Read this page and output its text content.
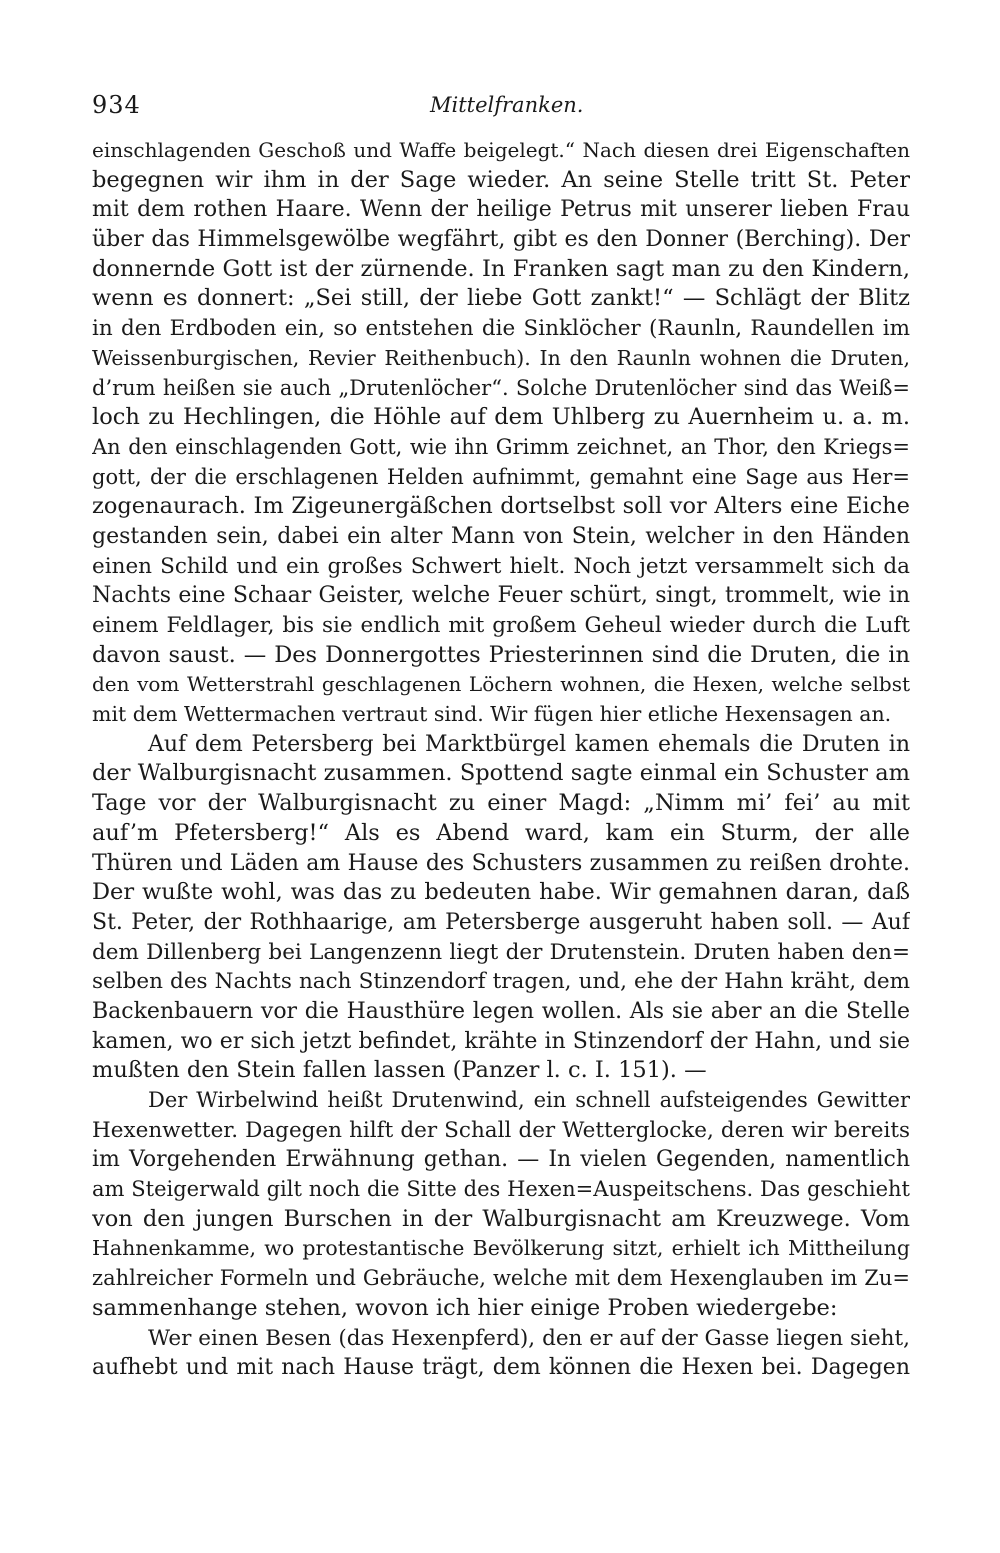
934	Mittelfranken.
einschlagenden Geschoß und Waffe beigelegt.“ Nach diesen drei Eigenschaften
begegnen wir ihm in der Sage wieder. An seine Stelle tritt St. Peter
mit dem rothen Haare. Wenn der heilige Petrus mit unserer lieben Frau
über das Himmelsgewölbe wegfährt, gibt es den Donner (Berching). Der
donnernde Gott ist der zürnende. In Franken sagt man zu den Kindern,
wenn es donnert: „Sei still, der liebe Gott zankt!“ — Schlägt der Blitz
in den Erdboden ein, so entstehen die Sinklöcher (Raunln, Raundellen im
Weissenburgischen, Revier Reithenbuch). In den Raunln wohnen die Druten,
d’rum heißen sie auch „Drutenlöcher“. Solche Drutenlöcher sind das Weiß=
loch zu Hechlingen, die Höhle auf dem Uhlberg zu Auernheim u. a. m.
An den einschlagenden Gott, wie ihn Grimm zeichnet, an Thor, den Kriegs=
gott, der die erschlagenen Helden aufnimmt, gemahnt eine Sage aus Her=
zogenaurach. Im Zigeunergäßchen dortselbst soll vor Alters eine Eiche
gestanden sein, dabei ein alter Mann von Stein, welcher in den Händen
einen Schild und ein großes Schwert hielt. Noch jetzt versammelt sich da
Nachts eine Schaar Geister, welche Feuer schürt, singt, trommelt, wie in
einem Feldlager, bis sie endlich mit großem Geheul wieder durch die Luft
davon saust. — Des Donnergottes Priesterinnen sind die Druten, die in
den vom Wetterstrahl geschlagenen Löchern wohnen, die Hexen, welche selbst
mit dem Wettermachen vertraut sind. Wir fügen hier etliche Hexensagen an.
Auf dem Petersberg bei Marktbürgel kamen ehemals die Druten in
der Walburgisnacht zusammen. Spottend sagte einmal ein Schuster am
Tage vor der Walburgisnacht zu einer Magd: „Nimm mi’ fei’ au mit
auf’m Pfetersberg!“ Als es Abend ward, kam ein Sturm, der alle
Thüren und Läden am Hause des Schusters zusammen zu reißen drohte.
Der wußte wohl, was das zu bedeuten habe. Wir gemahnen daran, daß
St. Peter, der Rothhaarige, am Petersberge ausgeruht haben soll. — Auf
dem Dillenberg bei Langenzenn liegt der Drutenstein. Druten haben den=
selben des Nachts nach Stinzendorf tragen, und, ehe der Hahn kräht, dem
Backenbauern vor die Hausthüre legen wollen. Als sie aber an die Stelle
kamen, wo er sich jetzt befindet, krähte in Stinzendorf der Hahn, und sie
mußten den Stein fallen lassen (Panzer l. c. I. 151). —
Der Wirbelwind heißt Drutenwind, ein schnell aufsteigendes Gewitter
Hexenwetter. Dagegen hilft der Schall der Wetterglocke, deren wir bereits
im Vorgehenden Erwähnung gethan. — In vielen Gegenden, namentlich
am Steigerwald gilt noch die Sitte des Hexen=Auspeitschens. Das geschieht
von den jungen Burschen in der Walburgisnacht am Kreuzwege. Vom
Hahnenkamme, wo protestantische Bevölkerung sitzt, erhielt ich Mittheilung
zahlreicher Formeln und Gebräuche, welche mit dem Hexenglauben im Zu=
sammenhange stehen, wovon ich hier einige Proben wiedergebe:
Wer einen Besen (das Hexenpferd), den er auf der Gasse liegen sieht,
aufhebt und mit nach Hause trägt, dem können die Hexen bei. Dagegen
